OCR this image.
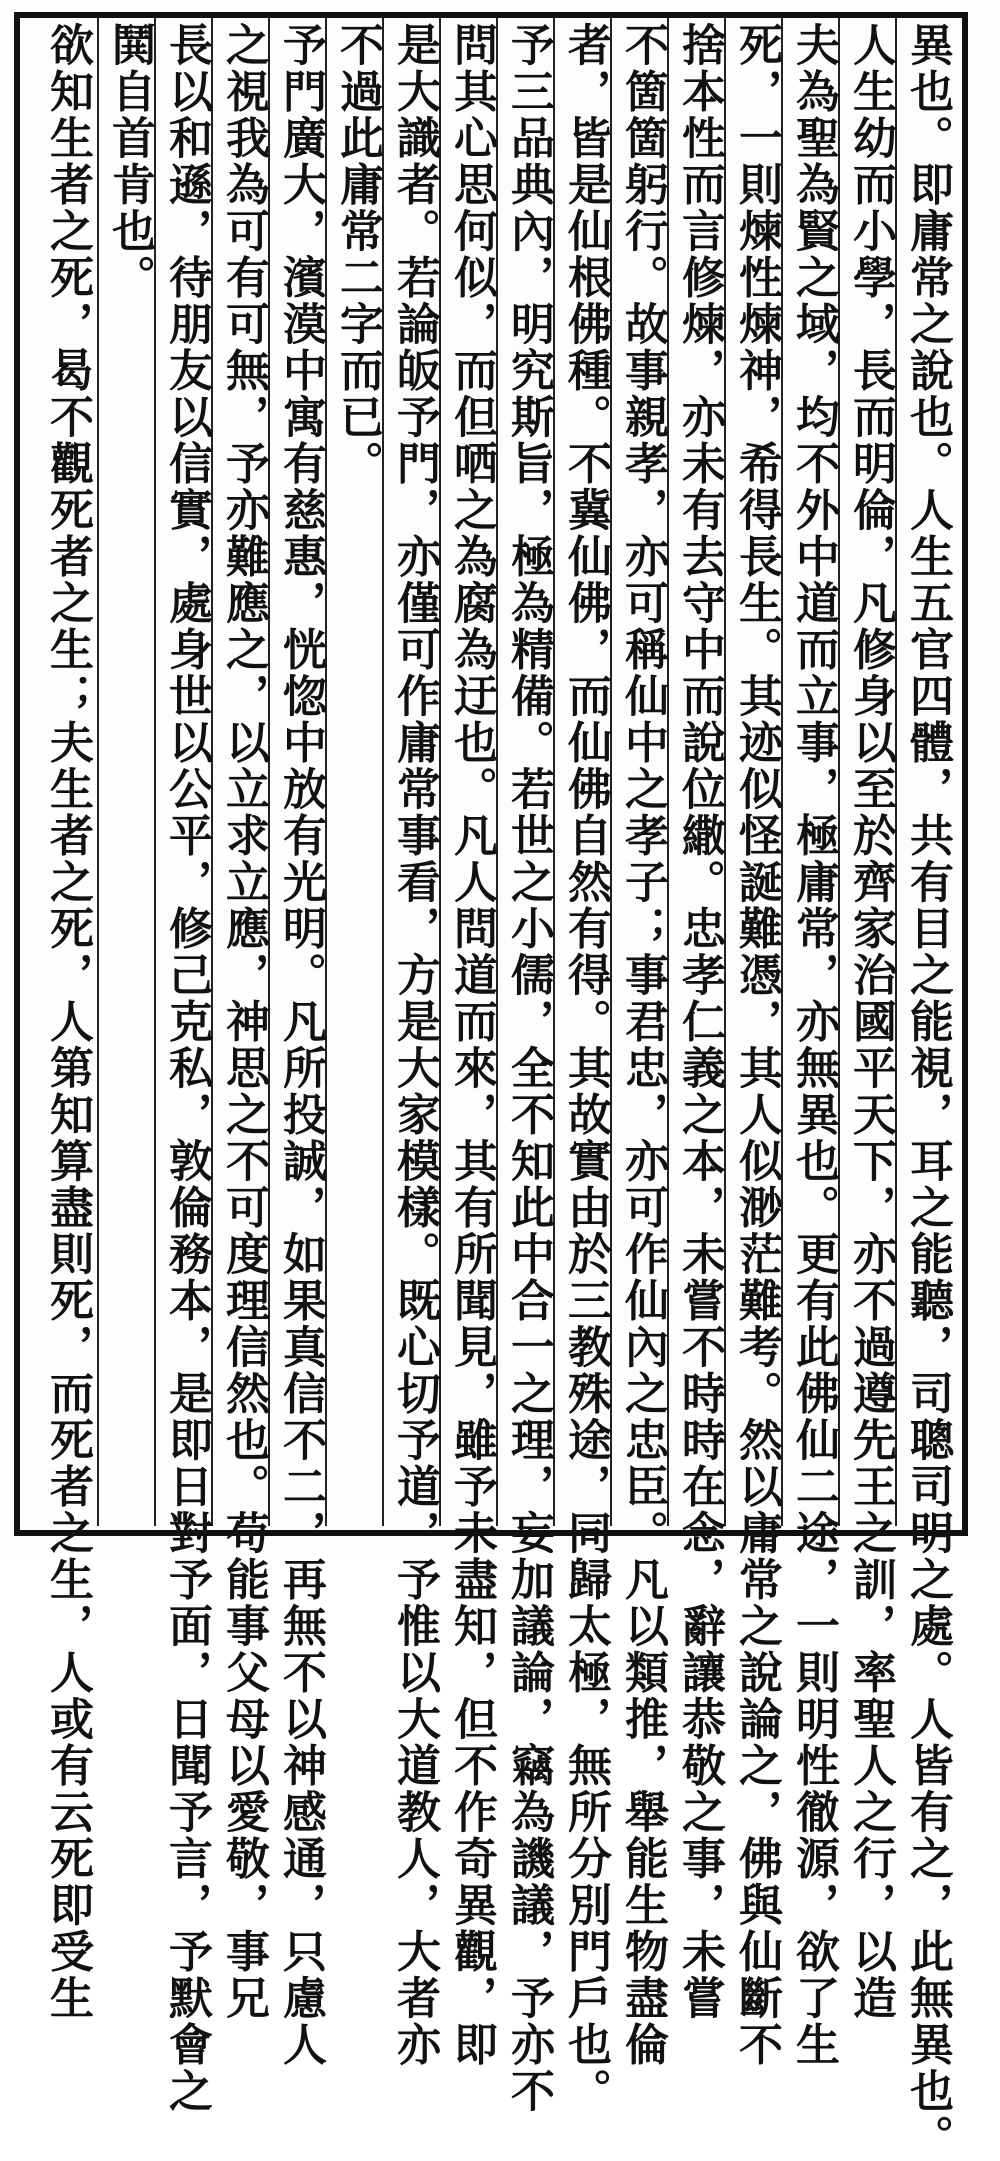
異也。即庸常之說也。人生五官四體，共有目之能視，耳之能聽，司聰司明之處。人皆有之，此無異也。
人生幼而小學，長而明倫，凡修身以至於齊家治國平天下，亦不過遵先王之訓，率聖人之行，以造
夫為聖為賢之域，均不外中道而立事，極庸常，亦無異也。更有此佛仙二途，一則明性徹源，欲了生
死，一則煉性煉神，希得長生。其迹似怪誕難憑，其人似渺茫難考。然以庸常之說論之，佛與仙斷不
捨本性而言修煉，亦未有去守中而說位繖。忠孝仁義之本，未嘗不時時在念，辭讓恭敬之事，未嘗
不箇箇躬行。故事親孝，亦可稱仙中之孝子；事君忠，亦可作仙內之忠臣。凡以類推，舉能生物盡倫
者，皆是仙根佛種。不冀仙佛，而仙佛自然有得。其故實由於三教殊途，同歸太極，無所分別門戶也。
予三品典內，明究斯旨，極為精備。若世之小儒，全不知此中合一之理，妄加議論，竊為譏議，予亦不
問其心思何似，而但哂之為腐為迂也。凡人問道而來，其有所聞見，雖予未盡知，但不作奇異觀，即
是大識者。若論皈予門，亦僅可作庸常事看，方是大家模樣。既心切予道，予惟以大道教人，大者亦
不過此庸常二字而已。
予門廣大，濱漠中寓有慈惠，恍惚中放有光明。凡所投誠，如果真信不二，再無不以神感通，只慮人
之視我為可有可無，予亦難應之，以立求立應，神思之不可度理信然也。苟能事父母以愛敬，事兄
長以和遜，待朋友以信實，處身世以公平，修己克私，敦倫務本，是即日對予面，日聞予言，予默會之
鬨自首肯也。
欲知生者之死，曷不觀死者之生；夫生者之死，人第知算盡則死，而死者之生，人或有云死即受生
